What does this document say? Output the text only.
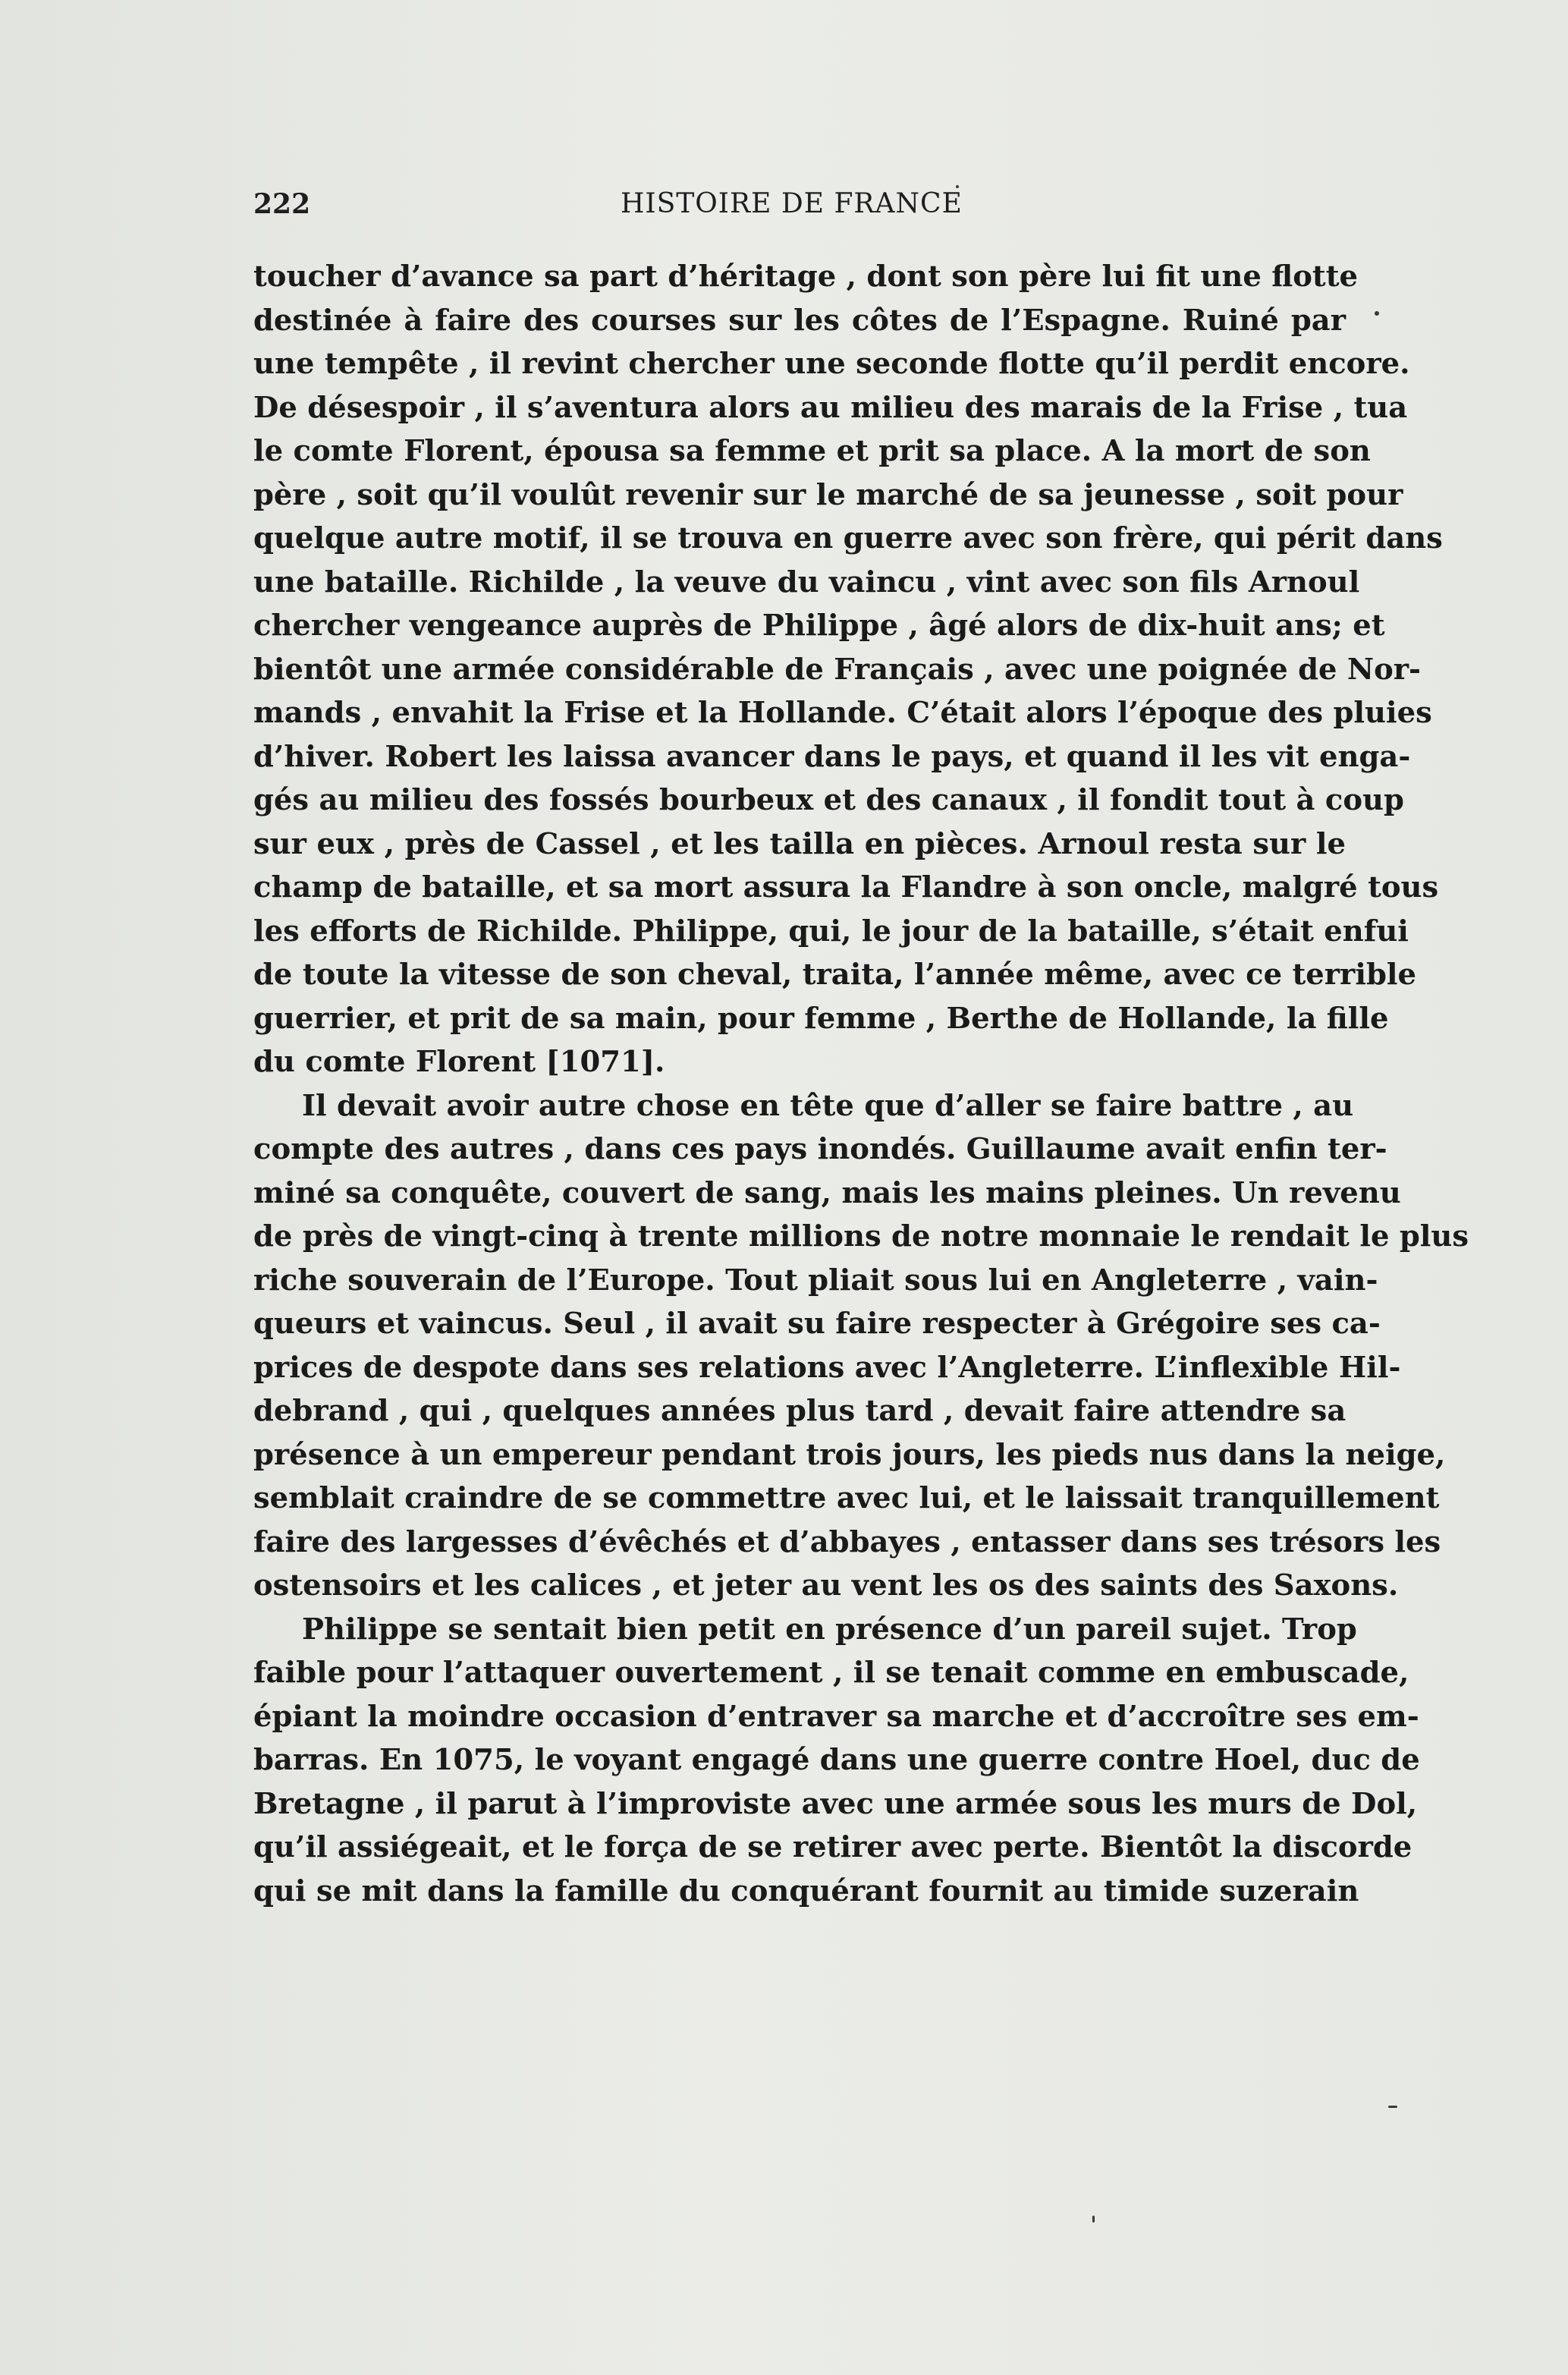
222	HISTOIRE DE FRANCE

toucher d’avance sa part d’héritage , dont son père lui fit une flotte
destinée à faire des courses sur les côtes de l’Espagne. Ruiné par
une tempête , il revint chercher une seconde flotte qu’il perdit encore.
De désespoir , il s’aventura alors au milieu des marais de la Frise , tua
le comte Florent, épousa sa femme et prit sa place. A la mort de son
père , soit qu’il voulût revenir sur le marché de sa jeunesse , soit pour
quelque autre motif, il se trouva en guerre avec son frère, qui périt dans
une bataille. Richilde , la veuve du vaincu , vint avec son fils Arnoul
chercher vengeance auprès de Philippe , âgé alors de dix-huit ans; et
bientôt une armée considérable de Français , avec une poignée de Nor-
mands , envahit la Frise et la Hollande. C’était alors l’époque des pluies
d’hiver. Robert les laissa avancer dans le pays, et quand il les vit enga-
gés au milieu des fossés bourbeux et des canaux , il fondit tout à coup
sur eux , près de Cassel , et les tailla en pièces. Arnoul resta sur le
champ de bataille, et sa mort assura la Flandre à son oncle, malgré tous
les efforts de Richilde. Philippe, qui, le jour de la bataille, s’était enfui
de toute la vitesse de son cheval, traita, l’année même, avec ce terrible
guerrier, et prit de sa main, pour femme , Berthe de Hollande, la fille
du comte Florent [1071].

Il devait avoir autre chose en tête que d’aller se faire battre , au
compte des autres , dans ces pays inondés. Guillaume avait enfin ter-
miné sa conquête, couvert de sang, mais les mains pleines. Un revenu
de près de vingt-cinq à trente millions de notre monnaie le rendait le plus
riche souverain de l’Europe. Tout pliait sous lui en Angleterre , vain-
queurs et vaincus. Seul , il avait su faire respecter à Grégoire ses ca-
prices de despote dans ses relations avec l’Angleterre. L’inflexible Hil-
debrand , qui , quelques années plus tard , devait faire attendre sa
présence à un empereur pendant trois jours, les pieds nus dans la neige,
semblait craindre de se commettre avec lui, et le laissait tranquillement
faire des largesses d’évêchés et d’abbayes , entasser dans ses trésors les
ostensoirs et les calices , et jeter au vent les os des saints des Saxons.

Philippe se sentait bien petit en présence d’un pareil sujet. Trop
faible pour l’attaquer ouvertement , il se tenait comme en embuscade,
épiant la moindre occasion d’entraver sa marche et d’accroître ses em-
barras. En 1075, le voyant engagé dans une guerre contre Hoel, duc de
Bretagne , il parut à l’improviste avec une armée sous les murs de Dol,
qu’il assiégeait, et le força de se retirer avec perte. Bientôt la discorde
qui se mit dans la famille du conquérant fournit au timide suzerain
